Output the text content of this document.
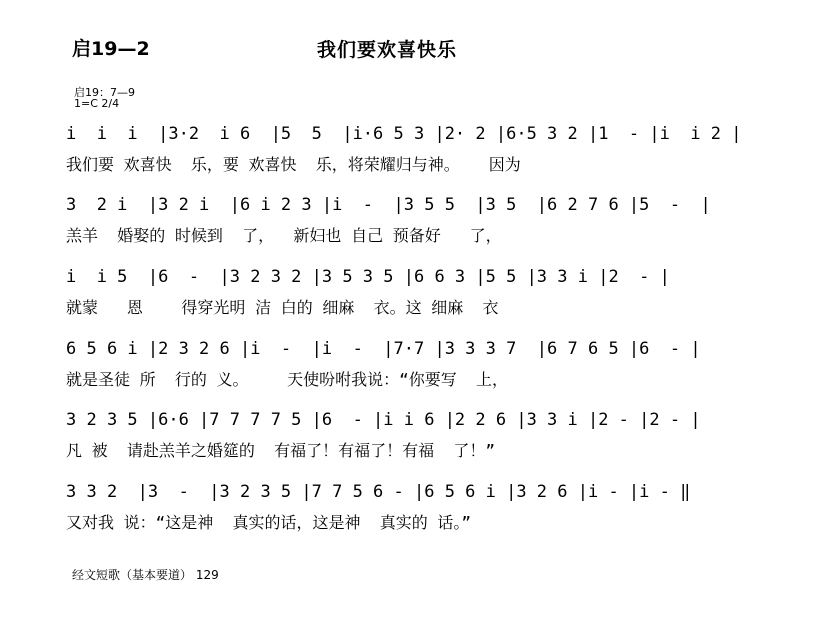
启19—2	我们要欢喜快乐
启19：7—9
1=C 2/4
i  i  i  |3·2  i 6  |5  5  |i·6 5 3 |2· 2 |6·5 3 2 |1  - |i  i 2 |
我们要 欢喜快  乐，要 欢喜快  乐，将荣耀归与神。   因为
3  2 i  |3 2 i  |6 i 2 3 |i  -  |3 5 5  |3 5  |6 2 7 6 |5  -  |
羔羊  婚娶的 时候到  了，  新妇也 自己 预备好   了，
i  i 5  |6  -  |3 2 3 2 |3 5 3 5 |6 6 3 |5 5 |3 3 i |2  - |
就蒙   恩    得穿光明 洁 白的 细麻  衣。这 细麻  衣
6 5 6 i |2 3 2 6 |i  -  |i  -  |7·7 |3 3 3 7  |6 7 6 5 |6  - |
就是圣徒 所  行的 义。    天使吩咐我说：“你要写  上，
3 2 3 5 |6·6 |7 7 7 7 5 |6  - |i i 6 |2 2 6 |3 3 i |2 - |2 - |
凡 被  请赴羔羊之婚筵的  有福了！有福了！有福  了！”
3 3 2  |3  -  |3 2 3 5 |7 7 5 6 - |6 5 6 i |3 2 6 |i - |i - ‖
又对我 说：“这是神  真实的话，这是神  真实的 话。”
经文短歌（基本要道） 129
